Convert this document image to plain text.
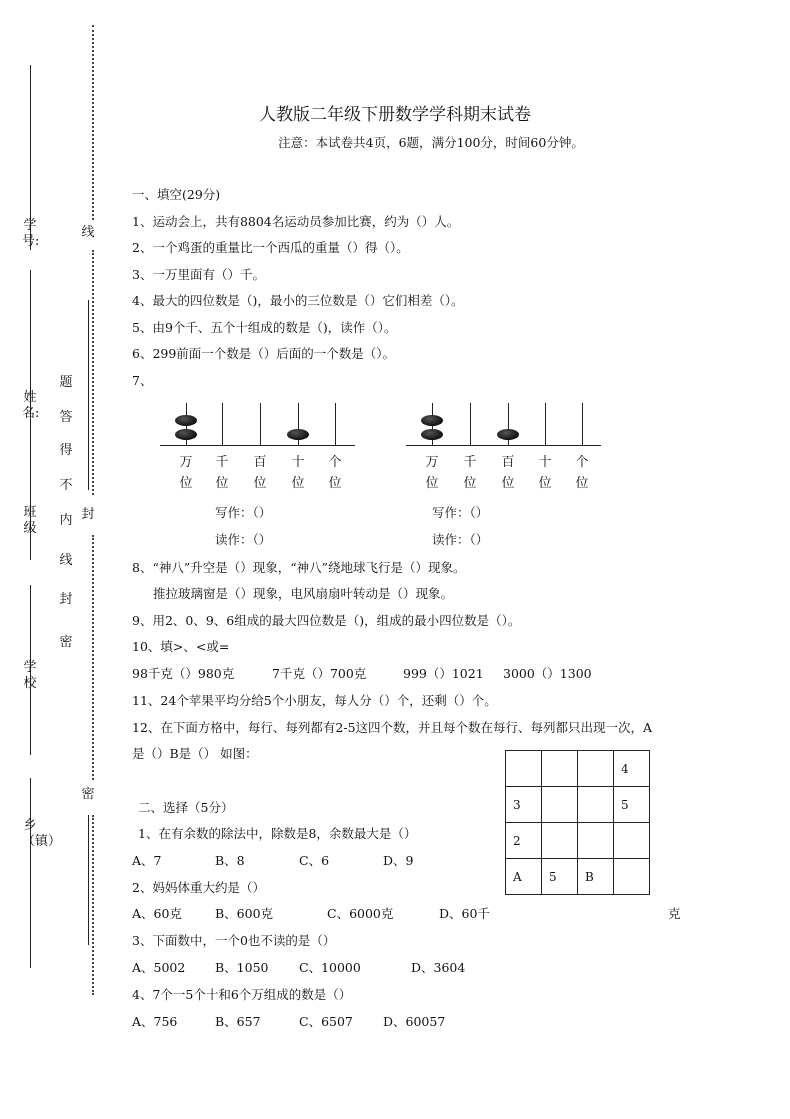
学号:
姓名:
班级
学校
乡（镇）
题
答
得
不
内
线
封
密
线
封
密
人教版二年级下册数学学科期末试卷
注意：本试卷共4页，6题，满分100分，时间60分钟。
一、填空(29分)
1、运动会上，共有8804名运动员参加比赛，约为（）人。
2、一个鸡蛋的重量比一个西瓜的重量（）得（）。
3、一万里面有（）千。
4、最大的四位数是（)，最小的三位数是（）它们相差（）。
5、由9个千、五个十组成的数是（)，读作（）。
6、299前面一个数是（）后面的一个数是（）。
7、
万
位
千
位
百
位
十
位
个
位
万
位
千
位
百
位
十
位
个
位
写作：（）
读作：（）
写作：（）
读作：（）
8、“神八”升空是（）现象，“神八”绕地球飞行是（）现象。
推拉玻璃窗是（）现象，电风扇扇叶转动是（）现象。
9、用2、0、9、6组成的最大四位数是（)，组成的最小四位数是（）。
10、填>、<或=
98千克（）980克	7千克（）700克	999（）1021 3000（）1300
11、24个苹果平均分给5个小朋友，每人分（）个，还剩（）个。
12、在下面方格中，每行、每列都有2-5这四个数，并且每个数在每行、每列都只出现一次，A
是（）B是（） 如图：
			4
3			5
2			
A	5	B	
二、选择（5分）
1、在有余数的除法中，除数是8，余数最大是（）
A、7	B、8	C、6	D、9
2、妈妈体重大约是（）
A、60克	B、600克	C、6000克	D、60千	克
3、下面数中，一个0也不读的是（）
A、5002 B、1050 C、10000	D、3604
4、7个一5个十和6个万组成的数是（）
A、756	B、657	C、6507 D、60057
